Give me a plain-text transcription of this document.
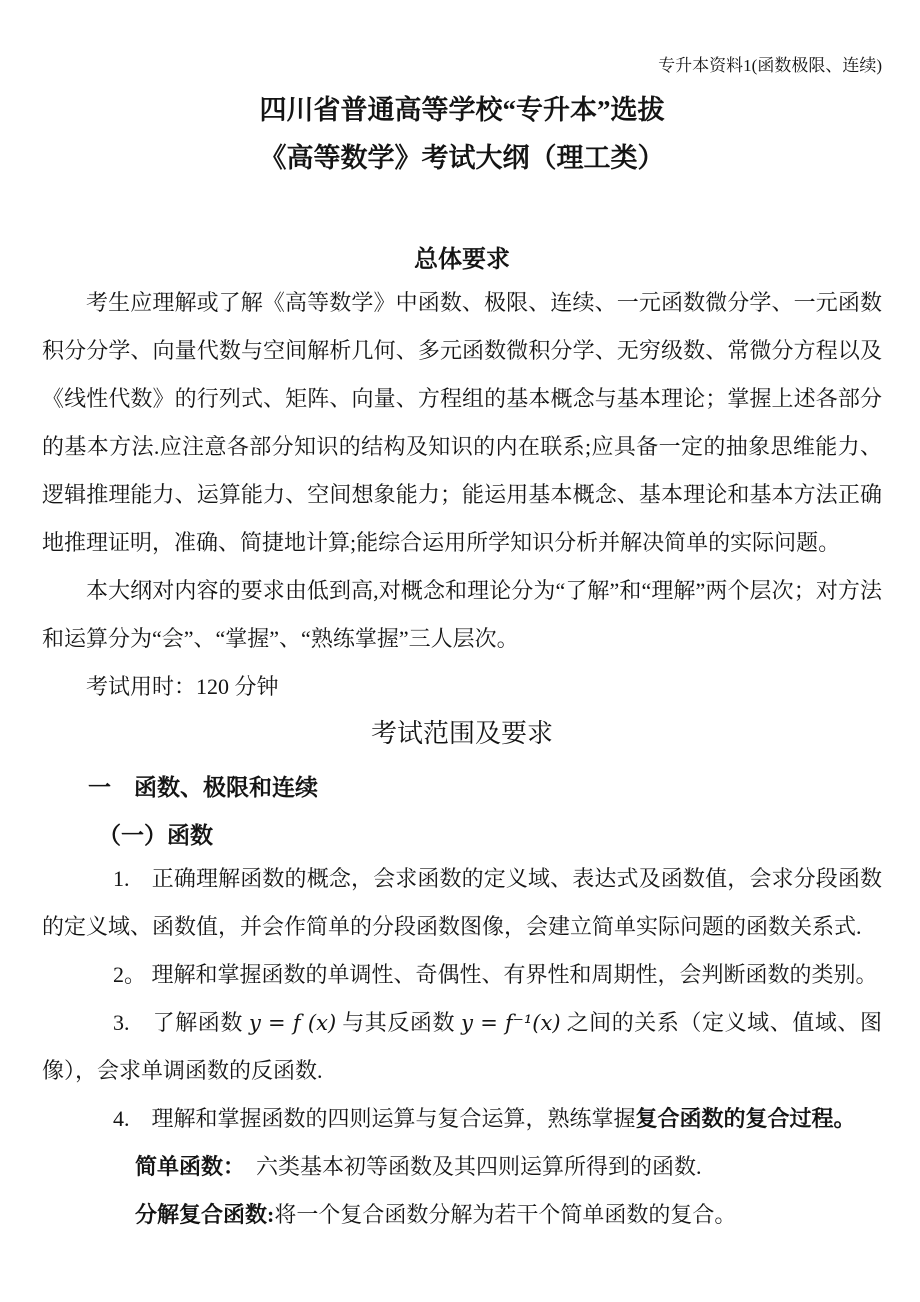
专升本资料1(函数极限、连续)
四川省普通高等学校“专升本”选拔
《高等数学》考试大纲（理工类）
总体要求

考生应理解或了解《高等数学》中函数、极限、连续、一元函数微分学、一元函数积分分学、向量代数与空间解析几何、多元函数微积分学、无穷级数、常微分方程以及《线性代数》的行列式、矩阵、向量、方程组的基本概念与基本理论；掌握上述各部分的基本方法.应注意各部分知识的结构及知识的内在联系;应具备一定的抽象思维能力、逻辑推理能力、运算能力、空间想象能力；能运用基本概念、基本理论和基本方法正确地推理证明，准确、简捷地计算;能综合运用所学知识分析并解决简单的实际问题。

本大纲对内容的要求由低到高,对概念和理论分为“了解”和“理解”两个层次；对方法和运算分为“会”、“掌握”、“熟练掌握”三人层次。

考试用时：120 分钟

考试范围及要求
一　函数、极限和连续
（一）函数

1.　正确理解函数的概念，会求函数的定义域、表达式及函数值，会求分段函数的定义域、函数值，并会作简单的分段函数图像，会建立简单实际问题的函数关系式.

2。 理解和掌握函数的单调性、奇偶性、有界性和周期性，会判断函数的类别。

3.　了解函数 y = f (x) 与其反函数 y = f⁻¹(x) 之间的关系（定义域、值域、图像），会求单调函数的反函数.

4.　理解和掌握函数的四则运算与复合运算，熟练掌握复合函数的复合过程。

简单函数：　六类基本初等函数及其四则运算所得到的函数.

分解复合函数:将一个复合函数分解为若干个简单函数的复合。
